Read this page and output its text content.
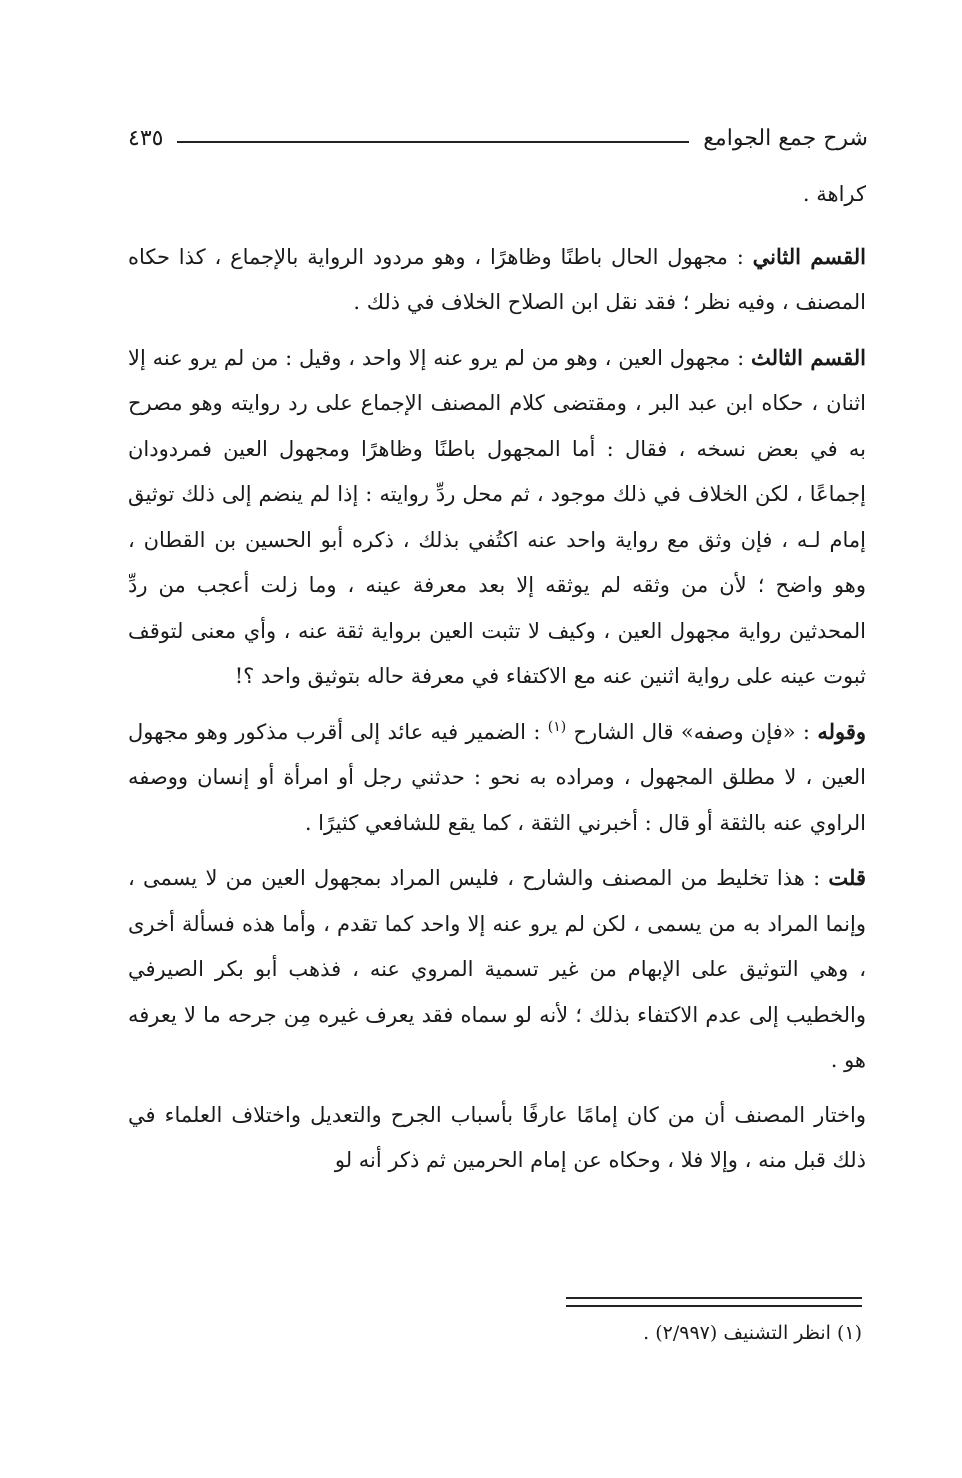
شرح جمع الجوامع
٤٣٥

كراهة .

القسم الثاني : مجهول الحال باطنًا وظاهرًا ، وهو مردود الرواية بالإجماع ، كذا حكاه المصنف ، وفيه نظر ؛ فقد نقل ابن الصلاح الخلاف في ذلك .

القسم الثالث : مجهول العين ، وهو من لم يرو عنه إلا واحد ، وقيل : من لم يرو عنه إلا اثنان ، حكاه ابن عبد البر ، ومقتضى كلام المصنف الإجماع على رد روايته وهو مصرح به في بعض نسخه ، فقال : أما المجهول باطنًا وظاهرًا ومجهول العين فمردودان إجماعًا ، لكن الخلاف في ذلك موجود ، ثم محل ردِّ روايته : إذا لم ينضم إلى ذلك توثيق إمام لـه ، فإن وثق مع رواية واحد عنه اكتُفي بذلك ، ذكره أبو الحسين بن القطان ، وهو واضح ؛ لأن من وثقه لم يوثقه إلا بعد معرفة عينه ، وما زلت أعجب من ردِّ المحدثين رواية مجهول العين ، وكيف لا تثبت العين برواية ثقة عنه ، وأي معنى لتوقف ثبوت عينه على رواية اثنين عنه مع الاكتفاء في معرفة حاله بتوثيق واحد ؟!

وقوله : «فإن وصفه» قال الشارح $^{(١)}$ : الضمير فيه عائد إلى أقرب مذكور وهو مجهول العين ، لا مطلق المجهول ، ومراده به نحو : حدثني رجل أو امرأة أو إنسان ووصفه الراوي عنه بالثقة أو قال : أخبرني الثقة ، كما يقع للشافعي كثيرًا .

قلت : هذا تخليط من المصنف والشارح ، فليس المراد بمجهول العين من لا يسمى ، وإنما المراد به من يسمى ، لكن لم يرو عنه إلا واحد كما تقدم ، وأما هذه فسألة أخرى ، وهي التوثيق على الإبهام من غير تسمية المروي عنه ، فذهب أبو بكر الصيرفي والخطيب إلى عدم الاكتفاء بذلك ؛ لأنه لو سماه فقد يعرف غيره مِن جرحه ما لا يعرفه هو .

واختار المصنف أن من كان إمامًا عارفًا بأسباب الجرح والتعديل واختلاف العلماء في ذلك قبل منه ، وإلا فلا ، وحكاه عن إمام الحرمين ثم ذكر أنه لو

(١) انظر التشنيف (٢/٩٩٧) .
